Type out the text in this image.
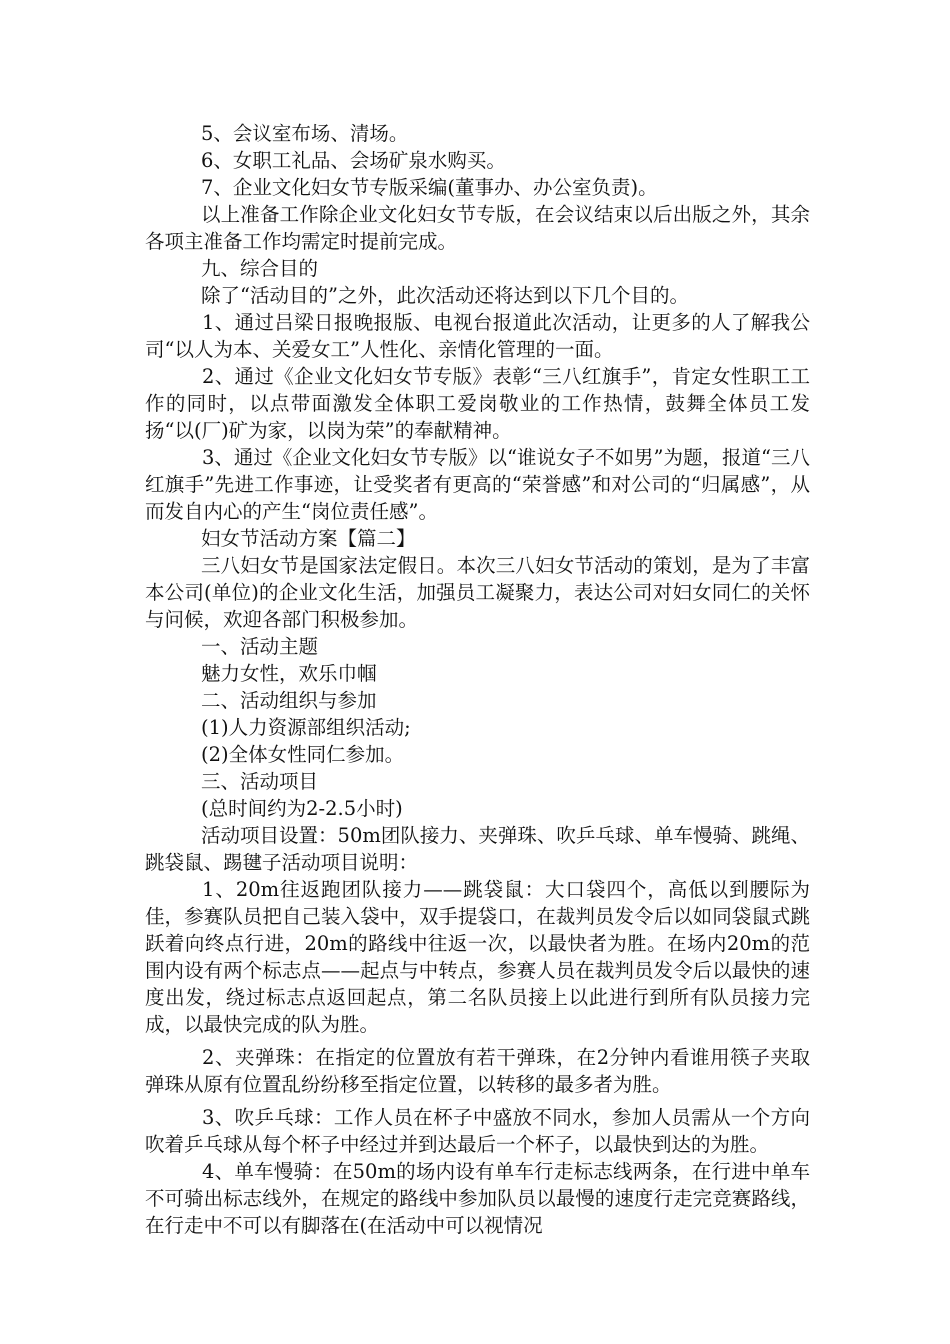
5、会议室布场、清场。

6、女职工礼品、会场矿泉水购买。

7、企业文化妇女节专版采编(董事办、办公室负责)。

以上准备工作除企业文化妇女节专版，在会议结束以后出版之外，其余各项主准备工作均需定时提前完成。

九、综合目的

除了“活动目的”之外，此次活动还将达到以下几个目的。

1、通过吕梁日报晚报版、电视台报道此次活动，让更多的人了解我公司“以人为本、关爱女工”人性化、亲情化管理的一面。

2、通过《企业文化妇女节专版》表彰“三八红旗手”，肯定女性职工工作的同时，以点带面激发全体职工爱岗敬业的工作热情，鼓舞全体员工发扬“以(厂)矿为家，以岗为荣”的奉献精神。

3、通过《企业文化妇女节专版》以“谁说女子不如男”为题，报道“三八红旗手”先进工作事迹，让受奖者有更高的“荣誉感”和对公司的“归属感”，从而发自内心的产生“岗位责任感”。

妇女节活动方案【篇二】

三八妇女节是国家法定假日。本次三八妇女节活动的策划，是为了丰富本公司(单位)的企业文化生活，加强员工凝聚力，表达公司对妇女同仁的关怀与问候，欢迎各部门积极参加。

一、活动主题

魅力女性，欢乐巾帼

二、活动组织与参加

(1)人力资源部组织活动;

(2)全体女性同仁参加。

三、活动项目

(总时间约为2-2.5小时)

活动项目设置：50m团队接力、夹弹珠、吹乒乓球、单车慢骑、跳绳、跳袋鼠、踢毽子活动项目说明：

1、20m往返跑团队接力——跳袋鼠：大口袋四个，高低以到腰际为佳，参赛队员把自己装入袋中，双手提袋口，在裁判员发令后以如同袋鼠式跳跃着向终点行进，20m的路线中往返一次，以最快者为胜。在场内20m的范围内设有两个标志点——起点与中转点，参赛人员在裁判员发令后以最快的速度出发，绕过标志点返回起点，第二名队员接上以此进行到所有队员接力完成，以最快完成的队为胜。

2、夹弹珠：在指定的位置放有若干弹珠，在2分钟内看谁用筷子夹取弹珠从原有位置乱纷纷移至指定位置，以转移的最多者为胜。

3、吹乒乓球：工作人员在杯子中盛放不同水，参加人员需从一个方向吹着乒乓球从每个杯子中经过并到达最后一个杯子，以最快到达的为胜。

4、单车慢骑：在50m的场内设有单车行走标志线两条，在行进中单车不可骑出标志线外，在规定的路线中参加队员以最慢的速度行走完竞赛路线，在行走中不可以有脚落在(在活动中可以视情况
